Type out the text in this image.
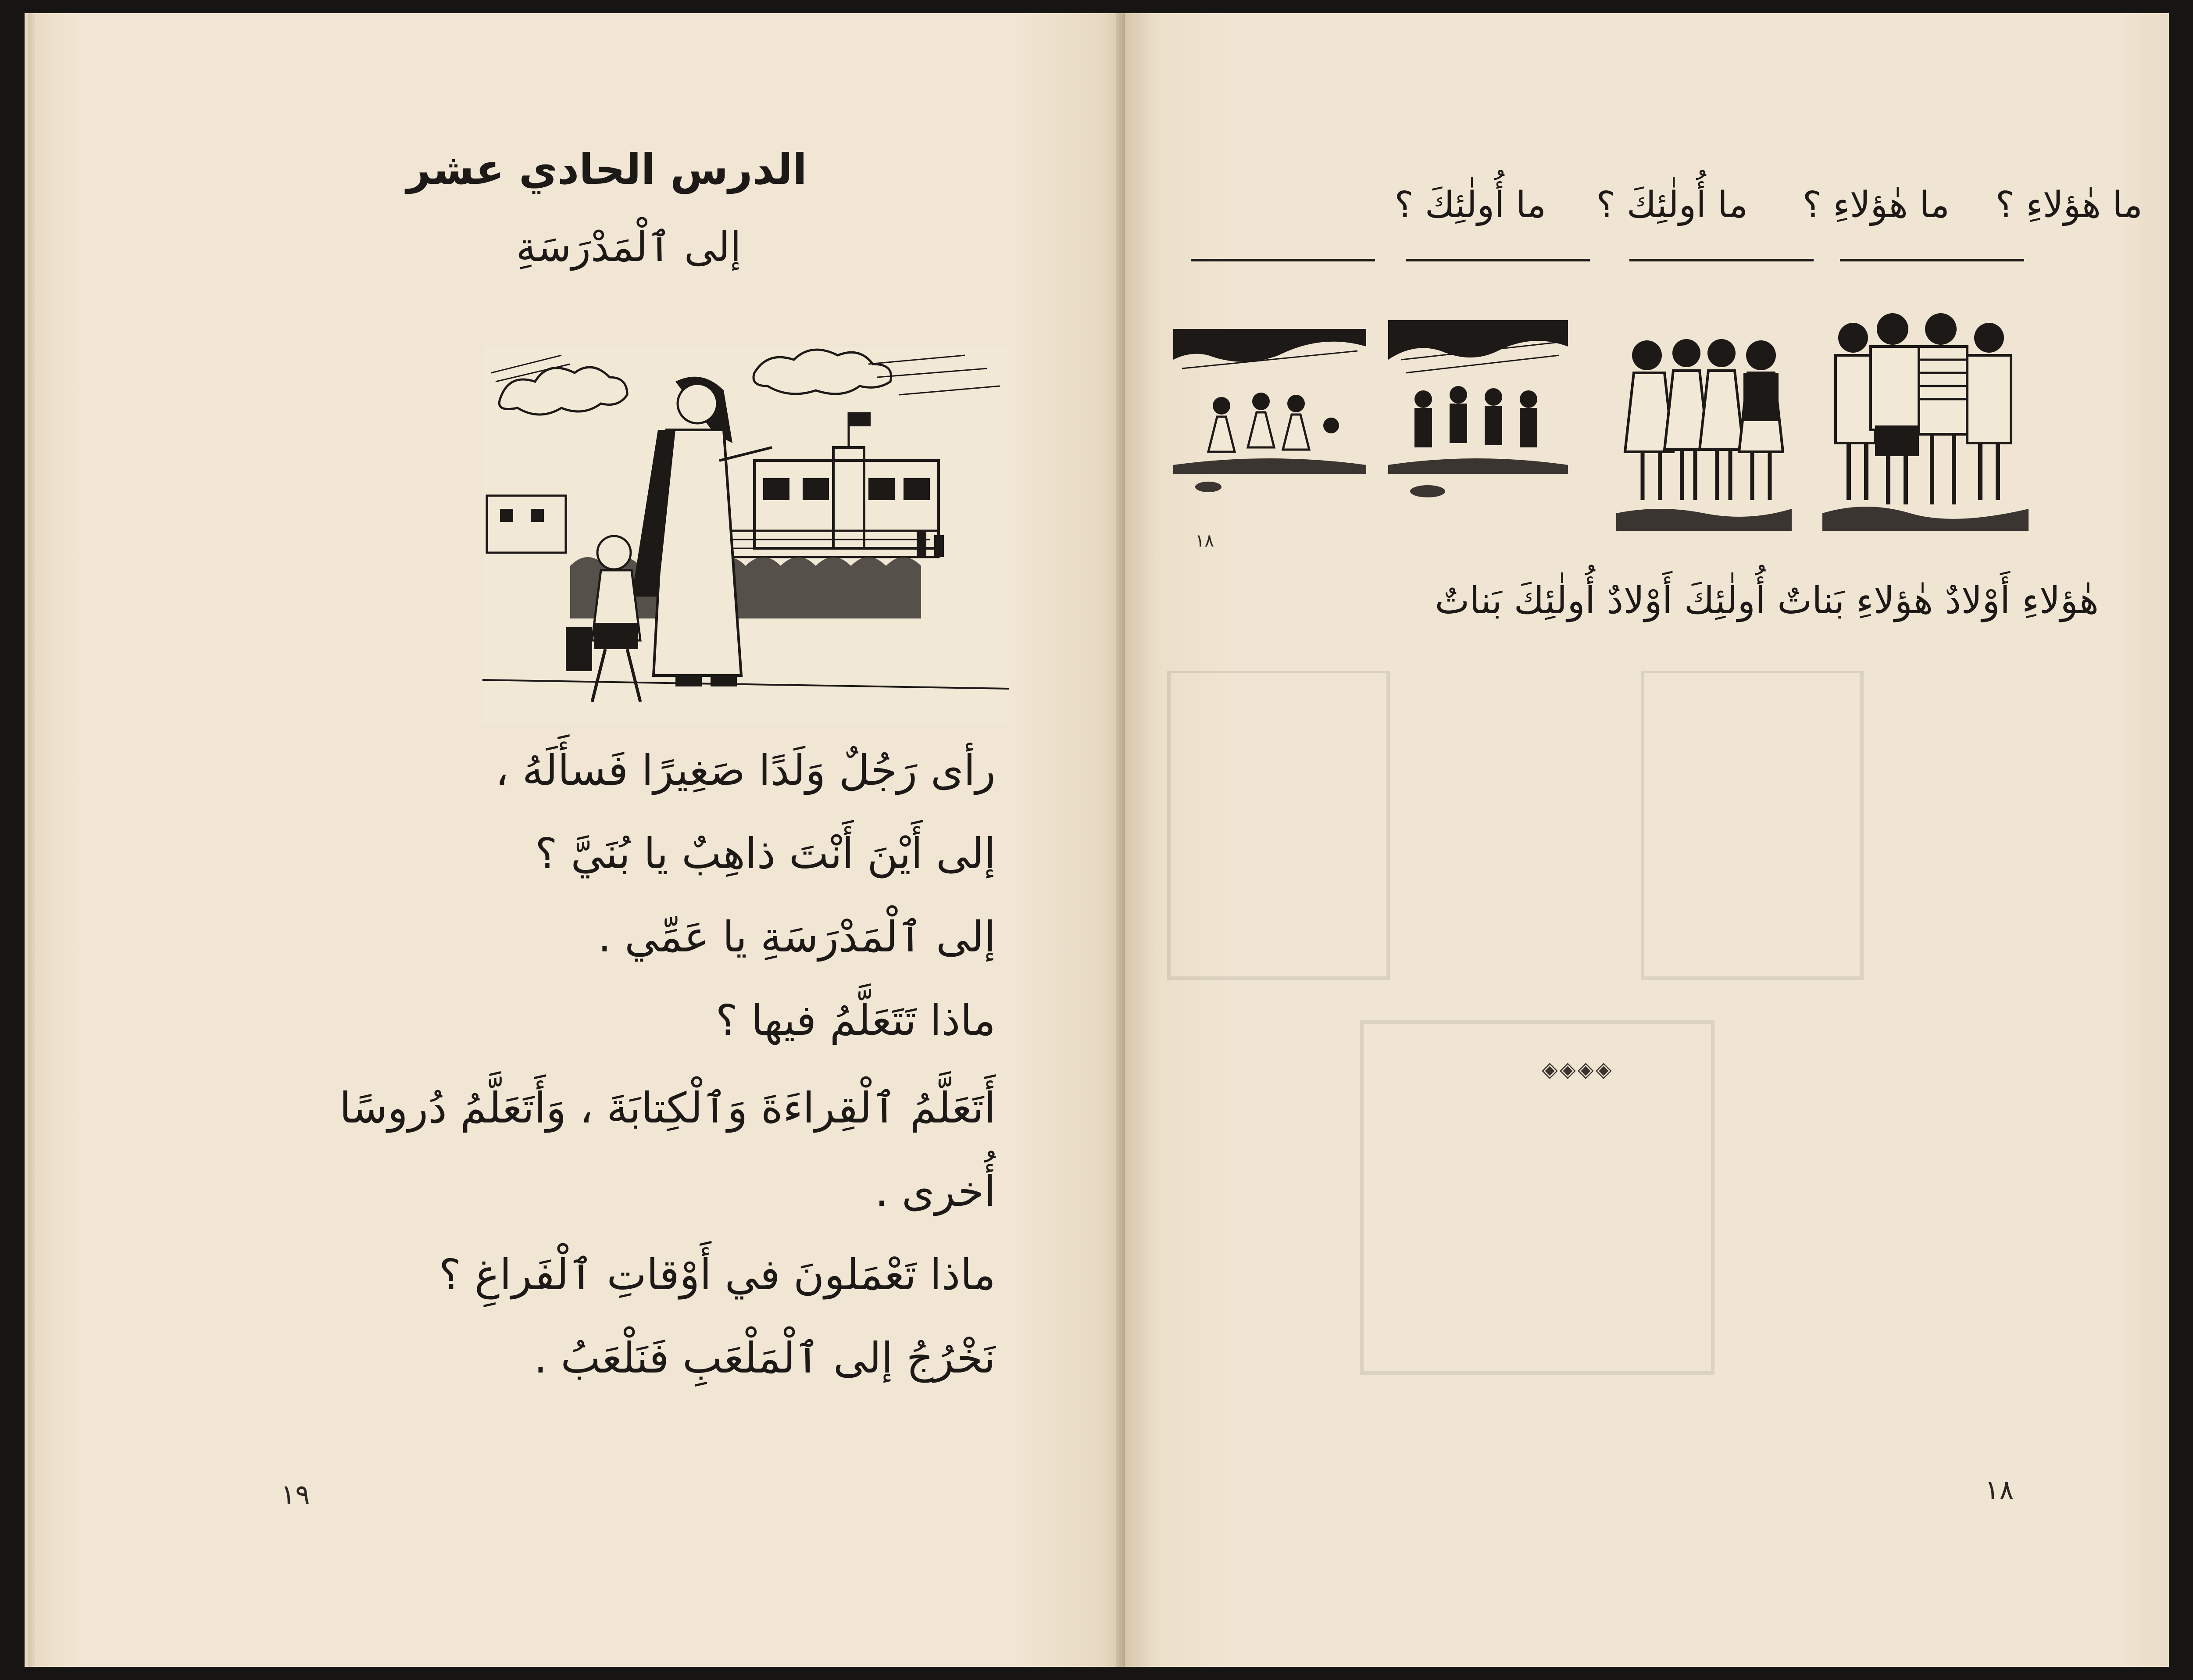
الدرس الحادي عشر
إلى ٱلْمَدْرَسَةِ
رأى رَجُلٌ وَلَدًا صَغِيرًا فَسأَلَهُ ،
إلى أَيْنَ أَنْتَ ذاهِبٌ يا بُنَيَّ ؟
إلى ٱلْمَدْرَسَةِ يا عَمِّي .
ماذا تَتَعَلَّمُ فيها ؟
أَتَعَلَّمُ ٱلْقِراءَةَ وَٱلْكِتابَةَ ، وَأَتَعَلَّمُ دُروسًا
أُخرى .
ماذا تَعْمَلونَ في أَوْقاتِ ٱلْفَراغِ ؟
نَخْرُجُ إلى ٱلْمَلْعَبِ فَنَلْعَبُ .
١٩
ما هٰؤلاءِ ؟
ما هٰؤلاءِ ؟
ما أُولٰئِكَ ؟
ما أُولٰئِكَ ؟
١٨
هٰؤلاءِ أَوْلادٌ هٰؤلاءِ بَناتٌ أُولٰئِكَ أَوْلادٌ أُولٰئِكَ بَناتٌ
◈◈◈◈
١٨
